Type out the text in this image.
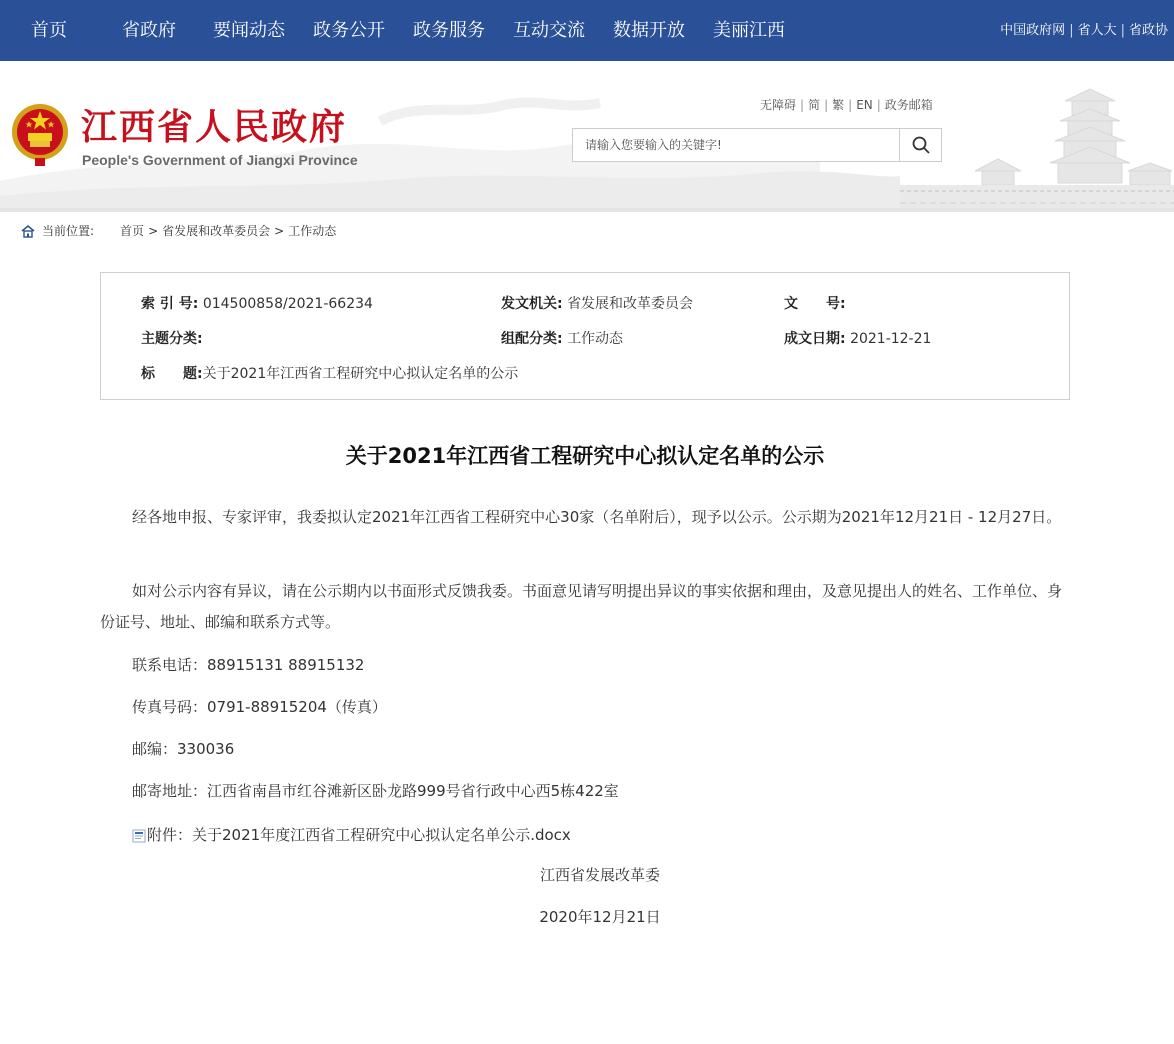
首页	省政府 要闻动态 政务公开 政务服务 互动交流 数据开放 美丽江西	中国政府网 | 省人大 | 省政协
江西省人民政府
People's Government of Jiangxi Province
无障碍 | 简 | 繁 | EN | 政务邮箱
请输入您要输入的关键字!
当前位置: 首页 > 省发展和改革委员会 > 工作动态
索 引 号: 014500858/2021-66234	发文机关: 省发展和改革委员会	文　　号:
主题分类:	组配分类: 工作动态	成文日期: 2021-12-21
标　　题:关于2021年江西省工程研究中心拟认定名单的公示
关于2021年江西省工程研究中心拟认定名单的公示
经各地申报、专家评审，我委拟认定2021年江西省工程研究中心30家（名单附后），现予以公示。公示期为2021年12月21日 - 12月27日。
如对公示内容有异议，请在公示期内以书面形式反馈我委。书面意见请写明提出异议的事实依据和理由，及意见提出人的姓名、工作单位、身份证号、地址、邮编和联系方式等。
联系电话：88915131 88915132
传真号码：0791-88915204（传真）
邮编：330036
邮寄地址：江西省南昌市红谷滩新区卧龙路999号省行政中心西5栋422室
附件：关于2021年度江西省工程研究中心拟认定名单公示.docx
江西省发展改革委
2020年12月21日
